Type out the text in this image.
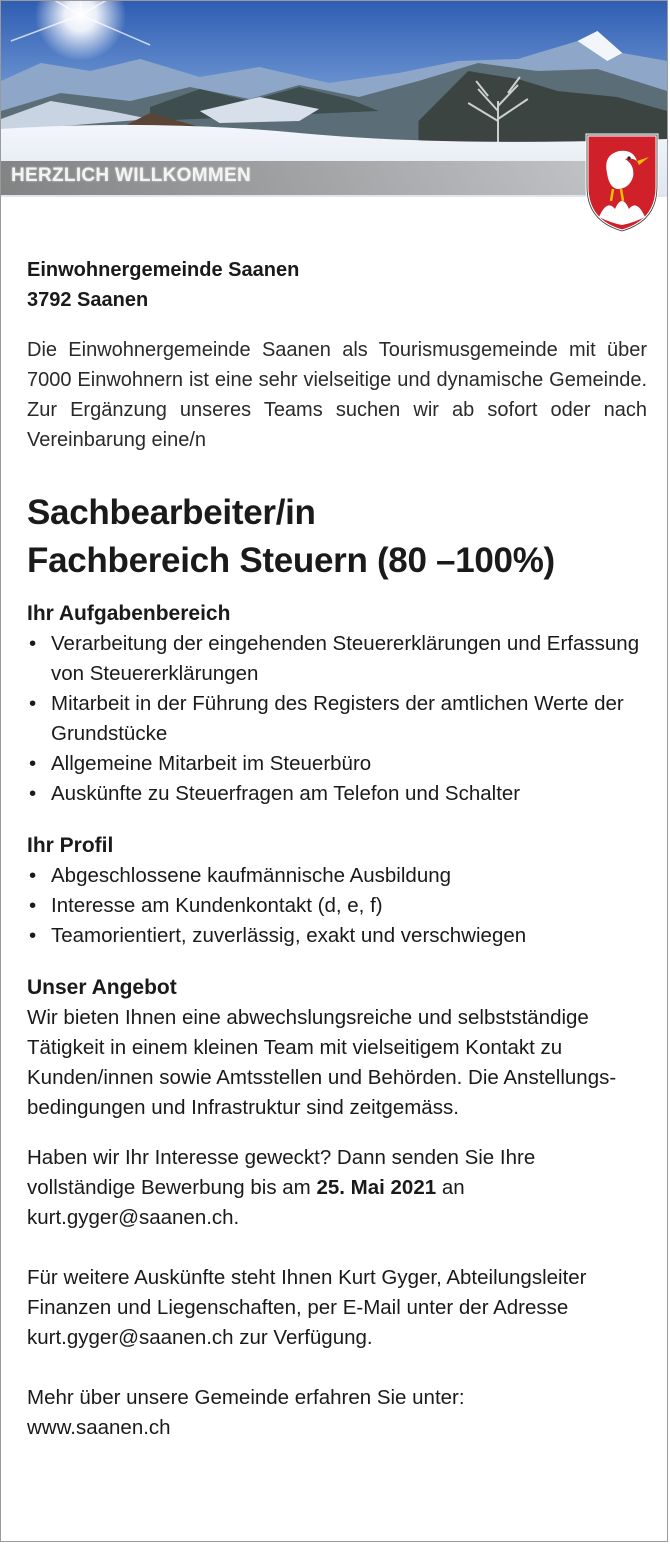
HERZLICH WILLKOMMEN
Einwohnergemeinde Saanen
3792 Saanen
Die Einwohnergemeinde Saanen als Tourismusgemeinde mit über 7000 Einwohnern ist eine sehr vielseitige und dynamische Gemeinde. Zur Ergänzung unseres Teams suchen wir ab sofort oder nach Vereinbarung eine/n
Sachbearbeiter/in
Fachbereich Steuern (80 –100%)
Ihr Aufgabenbereich
• Verarbeitung der eingehenden Steuererklärungen und Erfassung von Steuererklärungen
• Mitarbeit in der Führung des Registers der amtlichen Werte der Grundstücke
• Allgemeine Mitarbeit im Steuerbüro
• Auskünfte zu Steuerfragen am Telefon und Schalter
Ihr Profil
• Abgeschlossene kaufmännische Ausbildung
• Interesse am Kundenkontakt (d, e, f)
• Teamorientiert, zuverlässig, exakt und verschwiegen
Unser Angebot
Wir bieten Ihnen eine abwechslungsreiche und selbstständige Tätigkeit in einem kleinen Team mit vielseitigem Kontakt zu Kunden/innen sowie Amtsstellen und Behörden. Die Anstellungsbedingungen und Infrastruktur sind zeitgemäss.
Haben wir Ihr Interesse geweckt? Dann senden Sie Ihre vollständige Bewerbung bis am 25. Mai 2021 an
kurt.gyger@saanen.ch.
Für weitere Auskünfte steht Ihnen Kurt Gyger, Abteilungsleiter Finanzen und Liegenschaften, per E-Mail unter der Adresse kurt.gyger@saanen.ch zur Verfügung.
Mehr über unsere Gemeinde erfahren Sie unter:
www.saanen.ch
